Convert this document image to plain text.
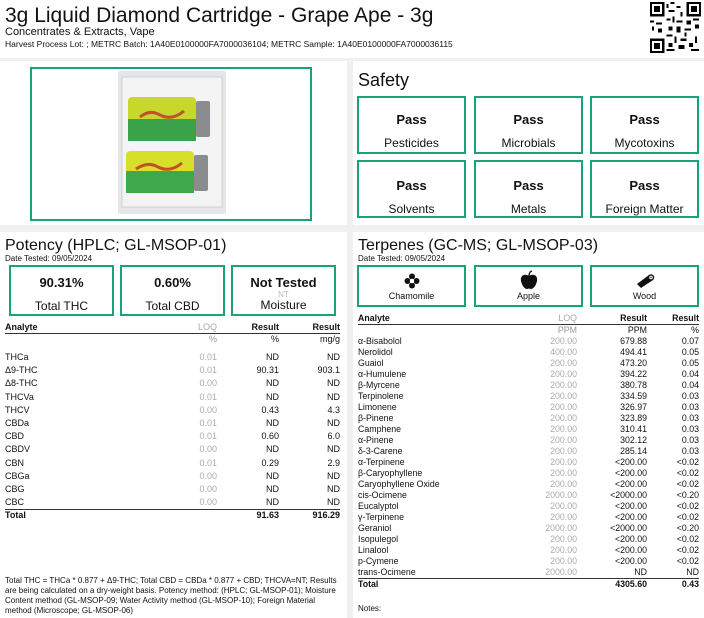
3g Liquid Diamond Cartridge - Grape Ape - 3g
Concentrates & Extracts, Vape
Harvest Process Lot: ; METRC Batch: 1A40E0100000FA7000036104; METRC Sample: 1A40E0100000FA7000036115
Safety
Pass
Pesticides
Pass
Microbials
Pass
Mycotoxins
Pass
Solvents
Pass
Metals
Pass
Foreign Matter
Potency (HPLC; GL-MSOP-01)
Date Tested: 09/05/2024
90.31%
Total THC
0.60%
Total CBD
Not Tested
NT
Moisture
Analyte	LOQ	Result	Result
	%	%	mg/g

THCa	0.01	ND	ND
Δ9-THC	0.01	90.31	903.1
Δ8-THC	0.00	ND	ND
THCVa	0.01	ND	ND
THCV	0.00	0.43	4.3
CBDa	0.01	ND	ND
CBD	0.01	0.60	6.0
CBDV	0.00	ND	ND
CBN	0.01	0.29	2.9
CBGa	0.00	ND	ND
CBG	0.00	ND	ND
CBC	0.00	ND	ND
Total		91.63	916.29
Total THC = THCa * 0.877 + Δ9-THC; Total CBD = CBDa * 0.877 + CBD; THCVA=NT; Results are being calculated on a dry-weight basis. Potency method: (HPLC; GL-MSOP-01); Moisture Content method (GL-MSOP-09; Water Activity method (GL-MSOP-10); Foreign Material method (Microscope; GL-MSOP-06)
Terpenes (GC-MS; GL-MSOP-03)
Date Tested: 09/05/2024
Chamomile	Apple	Wood
Analyte	LOQ	Result	Result
	PPM	PPM	%
α-Bisabolol	200.00	679.88	0.07
Nerolidol	400.00	494.41	0.05
Guaiol	200.00	473.20	0.05
α-Humulene	200.00	394.22	0.04
β-Myrcene	200.00	380.78	0.04
Terpinolene	200.00	334.59	0.03
Limonene	200.00	326.97	0.03
β-Pinene	200.00	323.89	0.03
Camphene	200.00	310.41	0.03
α-Pinene	200.00	302.12	0.03
δ-3-Carene	200.00	285.14	0.03
α-Terpinene	200.00	<200.00	<0.02
β-Caryophyllene	200.00	<200.00	<0.02
Caryophyllene Oxide	200.00	<200.00	<0.02
cis-Ocimene	2000.00	<2000.00	<0.20
Eucalyptol	200.00	<200.00	<0.02
γ-Terpinene	200.00	<200.00	<0.02
Geraniol	2000.00	<2000.00	<0.20
Isopulegol	200.00	<200.00	<0.02
Linalool	200.00	<200.00	<0.02
p-Cymene	200.00	<200.00	<0.02
trans-Ocimene	2000.00	ND	ND
Total		4305.60	0.43
Notes:
